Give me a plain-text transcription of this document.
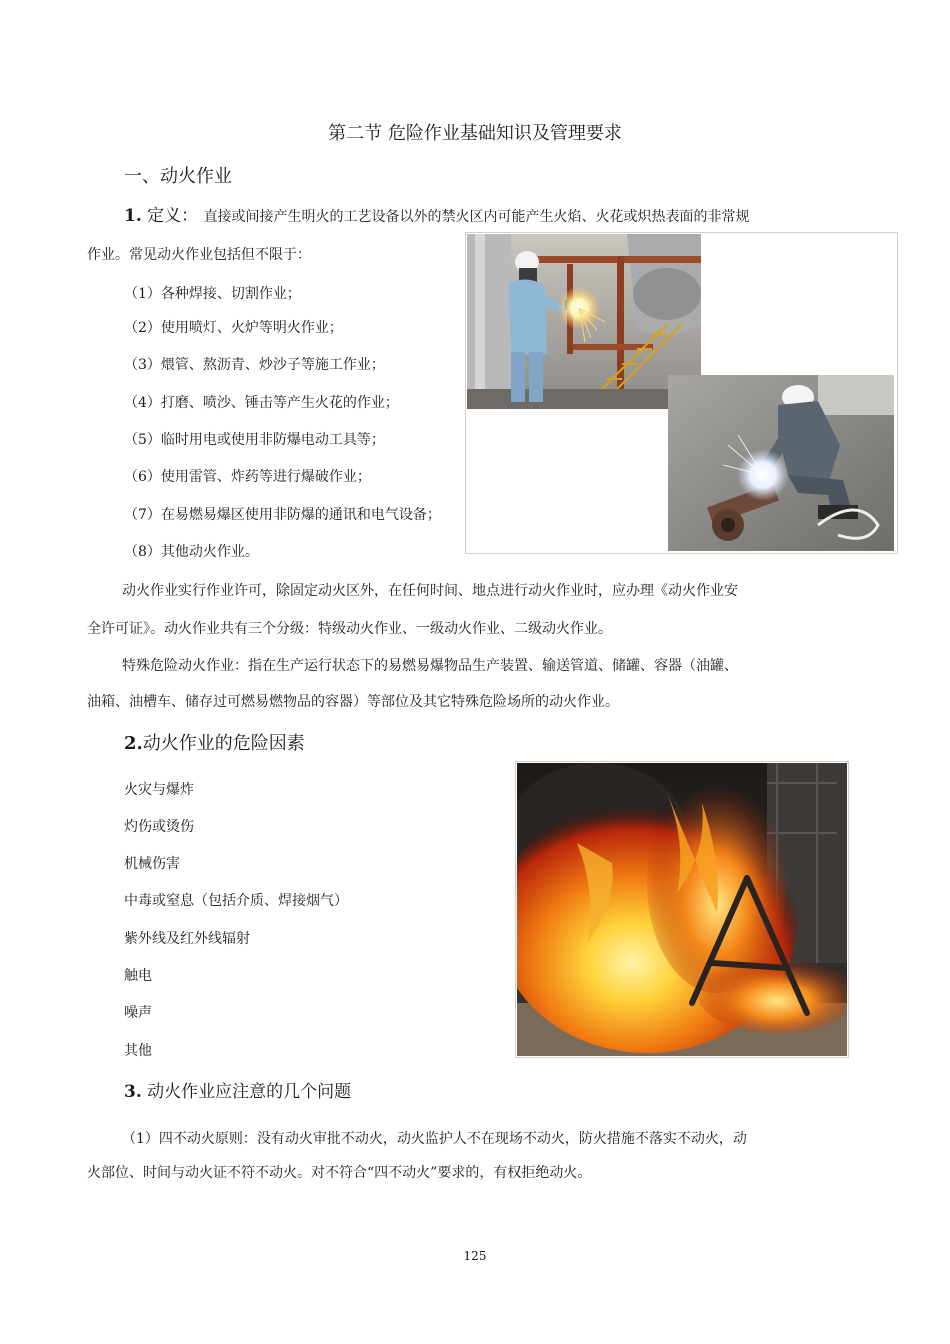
第二节 危险作业基础知识及管理要求
一、动火作业
1. 定义： 直接或间接产生明火的工艺设备以外的禁火区内可能产生火焰、火花或炽热表面的非常规
作业。常见动火作业包括但不限于：
（1）各种焊接、切割作业；
（2）使用喷灯、火炉等明火作业；
（3）煨管、熬沥青、炒沙子等施工作业；
（4）打磨、喷沙、锤击等产生火花的作业；
（5）临时用电或使用非防爆电动工具等；
（6）使用雷管、炸药等进行爆破作业；
（7）在易燃易爆区使用非防爆的通讯和电气设备；
（8）其他动火作业。
动火作业实行作业许可，除固定动火区外，在任何时间、地点进行动火作业时，应办理《动火作业安
全许可证》。动火作业共有三个分级：特级动火作业、一级动火作业、二级动火作业。
特殊危险动火作业：指在生产运行状态下的易燃易爆物品生产装置、输送管道、储罐、容器（油罐、
油箱、油槽车、储存过可燃易燃物品的容器）等部位及其它特殊危险场所的动火作业。
2.动火作业的危险因素
火灾与爆炸
灼伤或烫伤
机械伤害
中毒或窒息（包括介质、焊接烟气）
紫外线及红外线辐射
触电
噪声
其他
3. 动火作业应注意的几个问题
（1）四不动火原则：没有动火审批不动火，动火监护人不在现场不动火，防火措施不落实不动火，动
火部位、时间与动火证不符不动火。对不符合“四不动火”要求的，有权拒绝动火。
125
